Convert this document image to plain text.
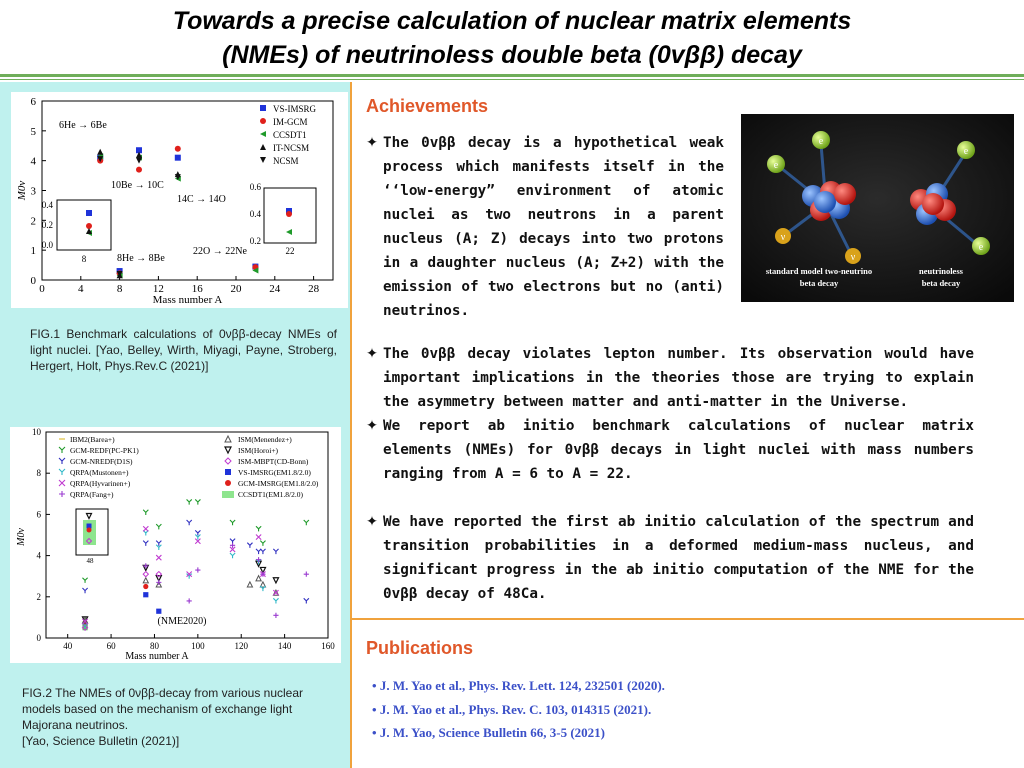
Towards a precise calculation of nuclear matrix elements
(NMEs) of neutrinoless double beta (0vββ) decay
0	4	8	12	16	20	24	28
0
1
2
3
4
5
6
Mass number A
M0ν
VS-IMSRG
IM-GCM
CCSDT1
IT-NCSM
NCSM
6He → 6Be
10Be → 10C
14C → 14O
8He → 8Be
22O → 22Ne
0.0
0.2
0.4
8
0.2
0.4
0.6
22
FIG.1 Benchmark calculations of 0νββ-decay NMEs of light nuclei. [Yao, Belley, Wirth, Miyagi, Payne, Stroberg, Hergert, Holt, Phys.Rev.C (2021)]
40	60	80	100	120	140	160
0
2
4
6
8
10
Mass number A
M0ν
(NME2020)
48
IBM2(Barea+)
GCM-REDF(PC-PK1)
GCM-NREDF(D1S)
QRPA(Mustonen+)
QRPA(Hyvarinen+)
QRPA(Fang+)
ISM(Menendez+)
ISM(Horoi+)
ISM-MBPT(CD-Bonn)
VS-IMSRG(EM1.8/2.0)
GCM-IMSRG(EM1.8/2.0)
CCSDT1(EM1.8/2.0)
FIG.2 The NMEs of 0νββ-decay from various nuclear models based on the mechanism of exchange light Majorana neutrinos.
[Yao, Science Bulletin (2021)]
Achievements
✦ The 0vββ decay is a hypothetical weak process which manifests itself in the ‘‘low-energy” environment of atomic nuclei as two neutrons in a parent nucleus (A; Z) decays into two protons in a daughter nucleus (A; Z+2) with the emission of two electrons but no (anti) neutrinos.
e
e
ν
ν
e
e
standard model two-neutrino
beta decay
neutrinoless
beta decay
✦ The 0vββ decay violates lepton number. Its observation would have important implications in the theories those are trying to explain the asymmetry between matter and anti-matter in the Universe.
✦ We report ab initio benchmark calculations of nuclear matrix elements (NMEs) for 0vββ decays in light nuclei with mass numbers ranging from A = 6 to A = 22.
✦ We have reported the first ab initio calculation of the spectrum and transition probabilities in a deformed medium-mass nucleus, and significant progress in the ab initio computation of the NME for the 0vββ decay of 48Ca.
Publications
• J. M. Yao et al., Phys. Rev. Lett. 124, 232501 (2020).
• J. M. Yao et al., Phys. Rev. C. 103, 014315 (2021).
• J. M. Yao, Science Bulletin 66, 3-5 (2021)
